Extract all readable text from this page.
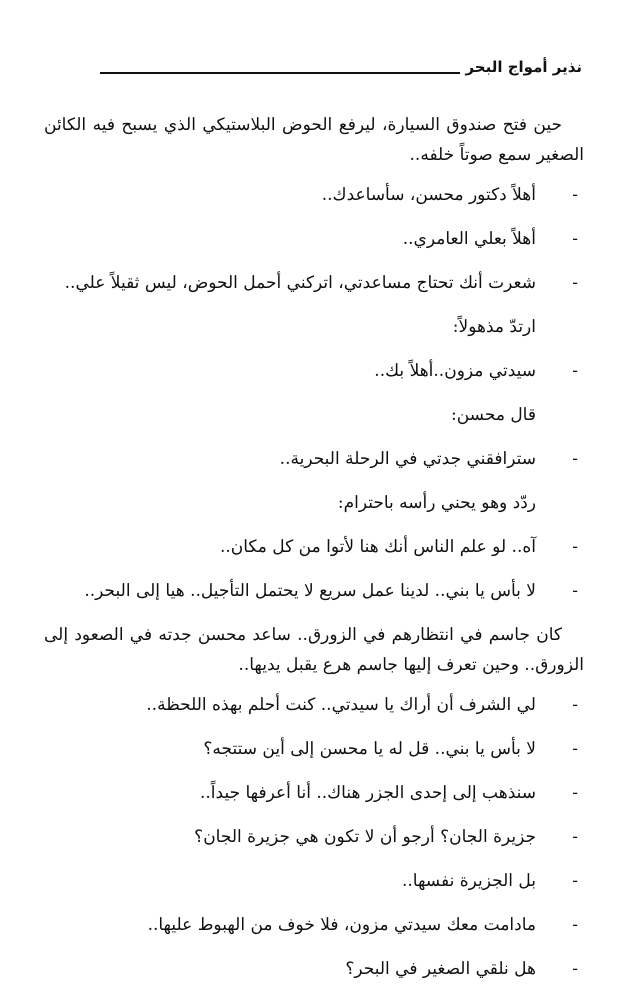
نذير أمواج البحر

حين فتح صندوق السيارة، ليرفع الحوض البلاستيكي الذي يسبح فيه الكائن الصغير سمع صوتاً خلفه..

-
أهلاً دكتور محسن، سأساعدك..
-
أهلاً بعلي العامري..
-
شعرت أنك تحتاج مساعدتي، اتركني أحمل الحوض، ليس ثقيلاً علي..
ارتدّ مذهولاً:
-
سيدتي مزون..أهلاً بك..
قال محسن:
-
سترافقني جدتي في الرحلة البحرية..
ردّد وهو يحني رأسه باحترام:
-
آه.. لو علم الناس أنك هنا لأتوا من كل مكان..
-
لا بأس يا بني.. لدينا عمل سريع لا يحتمل التأجيل.. هيا إلى البحر..

كان جاسم في انتظارهم في الزورق.. ساعد محسن جدته في الصعود إلى الزورق.. وحين تعرف إليها جاسم هرع يقبل يديها..

-
لي الشرف أن أراك يا سيدتي.. كنت أحلم بهذه اللحظة..
-
لا بأس يا بني.. قل له يا محسن إلى أين ستتجه؟
-
سنذهب إلى إحدى الجزر هناك.. أنا أعرفها جيداً..
-
جزيرة الجان؟ أرجو أن لا تكون هي جزيرة الجان؟
-
بل الجزيرة نفسها..
-
مادامت معك سيدتي مزون، فلا خوف من الهبوط عليها..
-
هل نلقي الصغير في البحر؟
